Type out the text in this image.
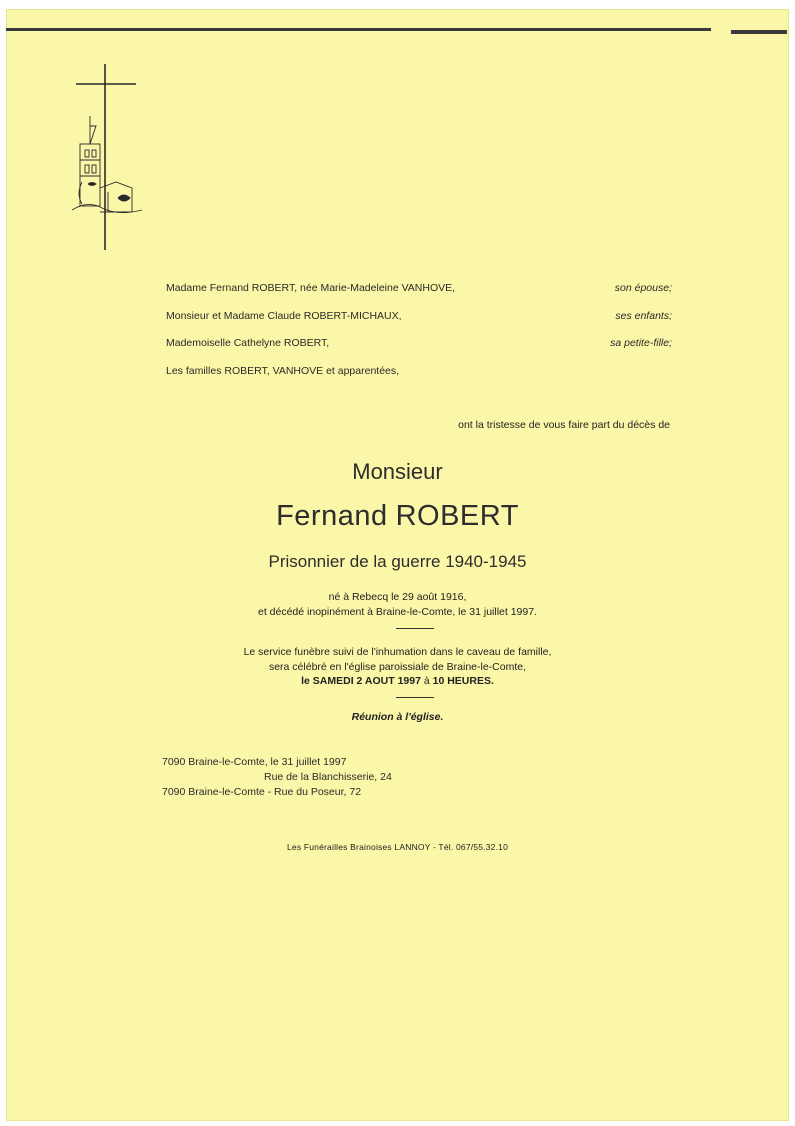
Madame Fernand ROBERT, née Marie-Madeleine VANHOVE,	son épouse;
Monsieur et Madame Claude ROBERT-MICHAUX,	ses enfants;
Mademoiselle Cathelyne ROBERT,	sa petite-fille;
Les familles ROBERT, VANHOVE et apparentées,
ont la tristesse de vous faire part du décès de
Monsieur
Fernand ROBERT
Prisonnier de la guerre 1940-1945
né à Rebecq le 29 août 1916,
et décédé inopinément à Braine-le-Comte, le 31 juillet 1997.
Le service funèbre suivi de l'inhumation dans le caveau de famille,
sera célébré en l'église paroissiale de Braine-le-Comte,
le SAMEDI 2 AOUT 1997 à 10 HEURES.
Réunion à l'église.
7090 Braine-le-Comte, le 31 juillet 1997
Rue de la Blanchisserie, 24
7090 Braine-le-Comte - Rue du Poseur, 72
Les Funérailles Brainoises LANNOY - Tél. 067/55.32.10
